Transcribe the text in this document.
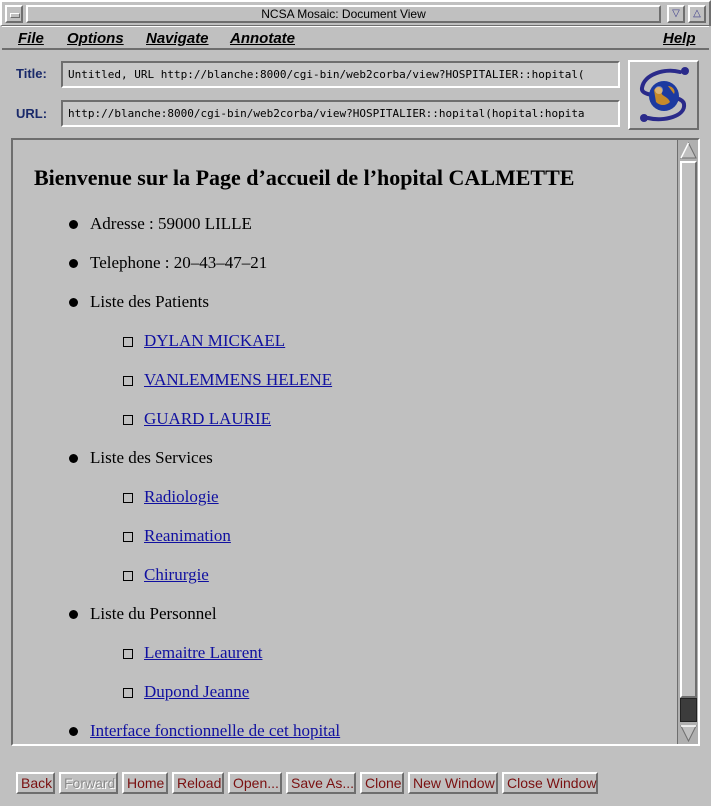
NCSA Mosaic: Document View	▽	△
File Options Navigate Annotate	Help
Title:	Untitled, URL http://blanche:8000/cgi-bin/web2corba/view?HOSPITALIER::hopital(
URL:	http://blanche:8000/cgi-bin/web2corba/view?HOSPITALIER::hopital(hopital:hopita
Bienvenue sur la Page d’accueil de l’hopital CALMETTE
Adresse : 59000 LILLE
Telephone : 20–43–47–21
Liste des Patients
DYLAN MICKAEL
VANLEMMENS HELENE
GUARD LAURIE
Liste des Services
Radiologie
Reanimation
Chirurgie
Liste du Personnel
Lemaitre Laurent
Dupond Jeanne
Interface fonctionnelle de cet hopital
Back Forward Home Reload Open... Save As... Clone New Window Close Window
